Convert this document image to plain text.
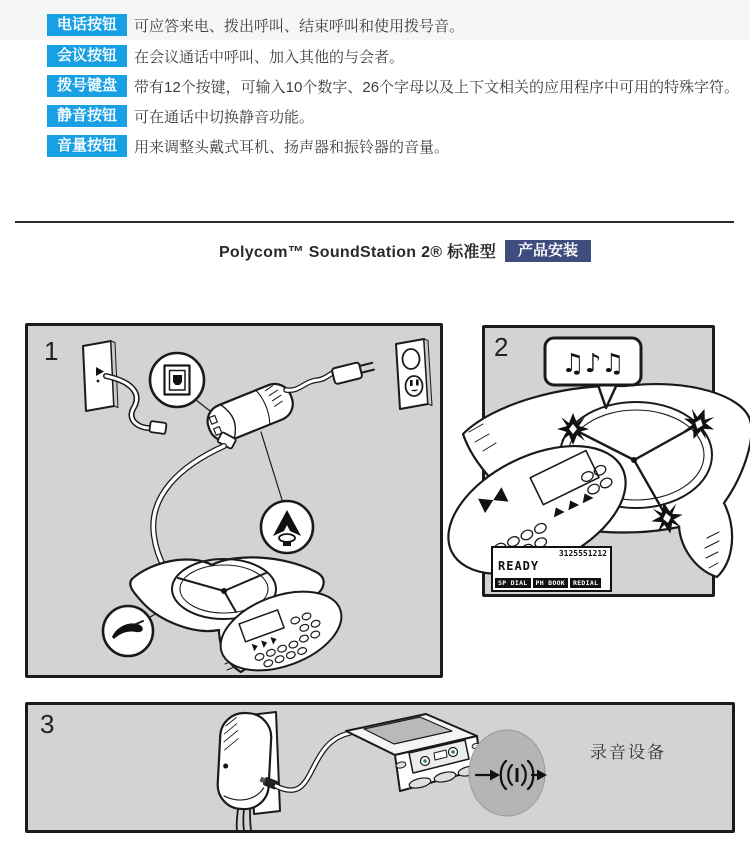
电话按钮	可应答来电、拨出呼叫、结束呼叫和使用拨号音。
会议按钮	在会议通话中呼叫、加入其他的与会者。
拨号键盘	带有12个按键，可输入10个数字、26个字母以及上下文相关的应用程序中可用的特殊字符。
静音按钮	可在通话中切换静音功能。
音量按钮	用来调整头戴式耳机、扬声器和振铃器的音量。
Polycom™ SoundStation 2® 标准型	产品安装
1	2
♫♪♫
3125551212
READY
SP DIAL	PH BOOK	REDIAL
3
录音设备
